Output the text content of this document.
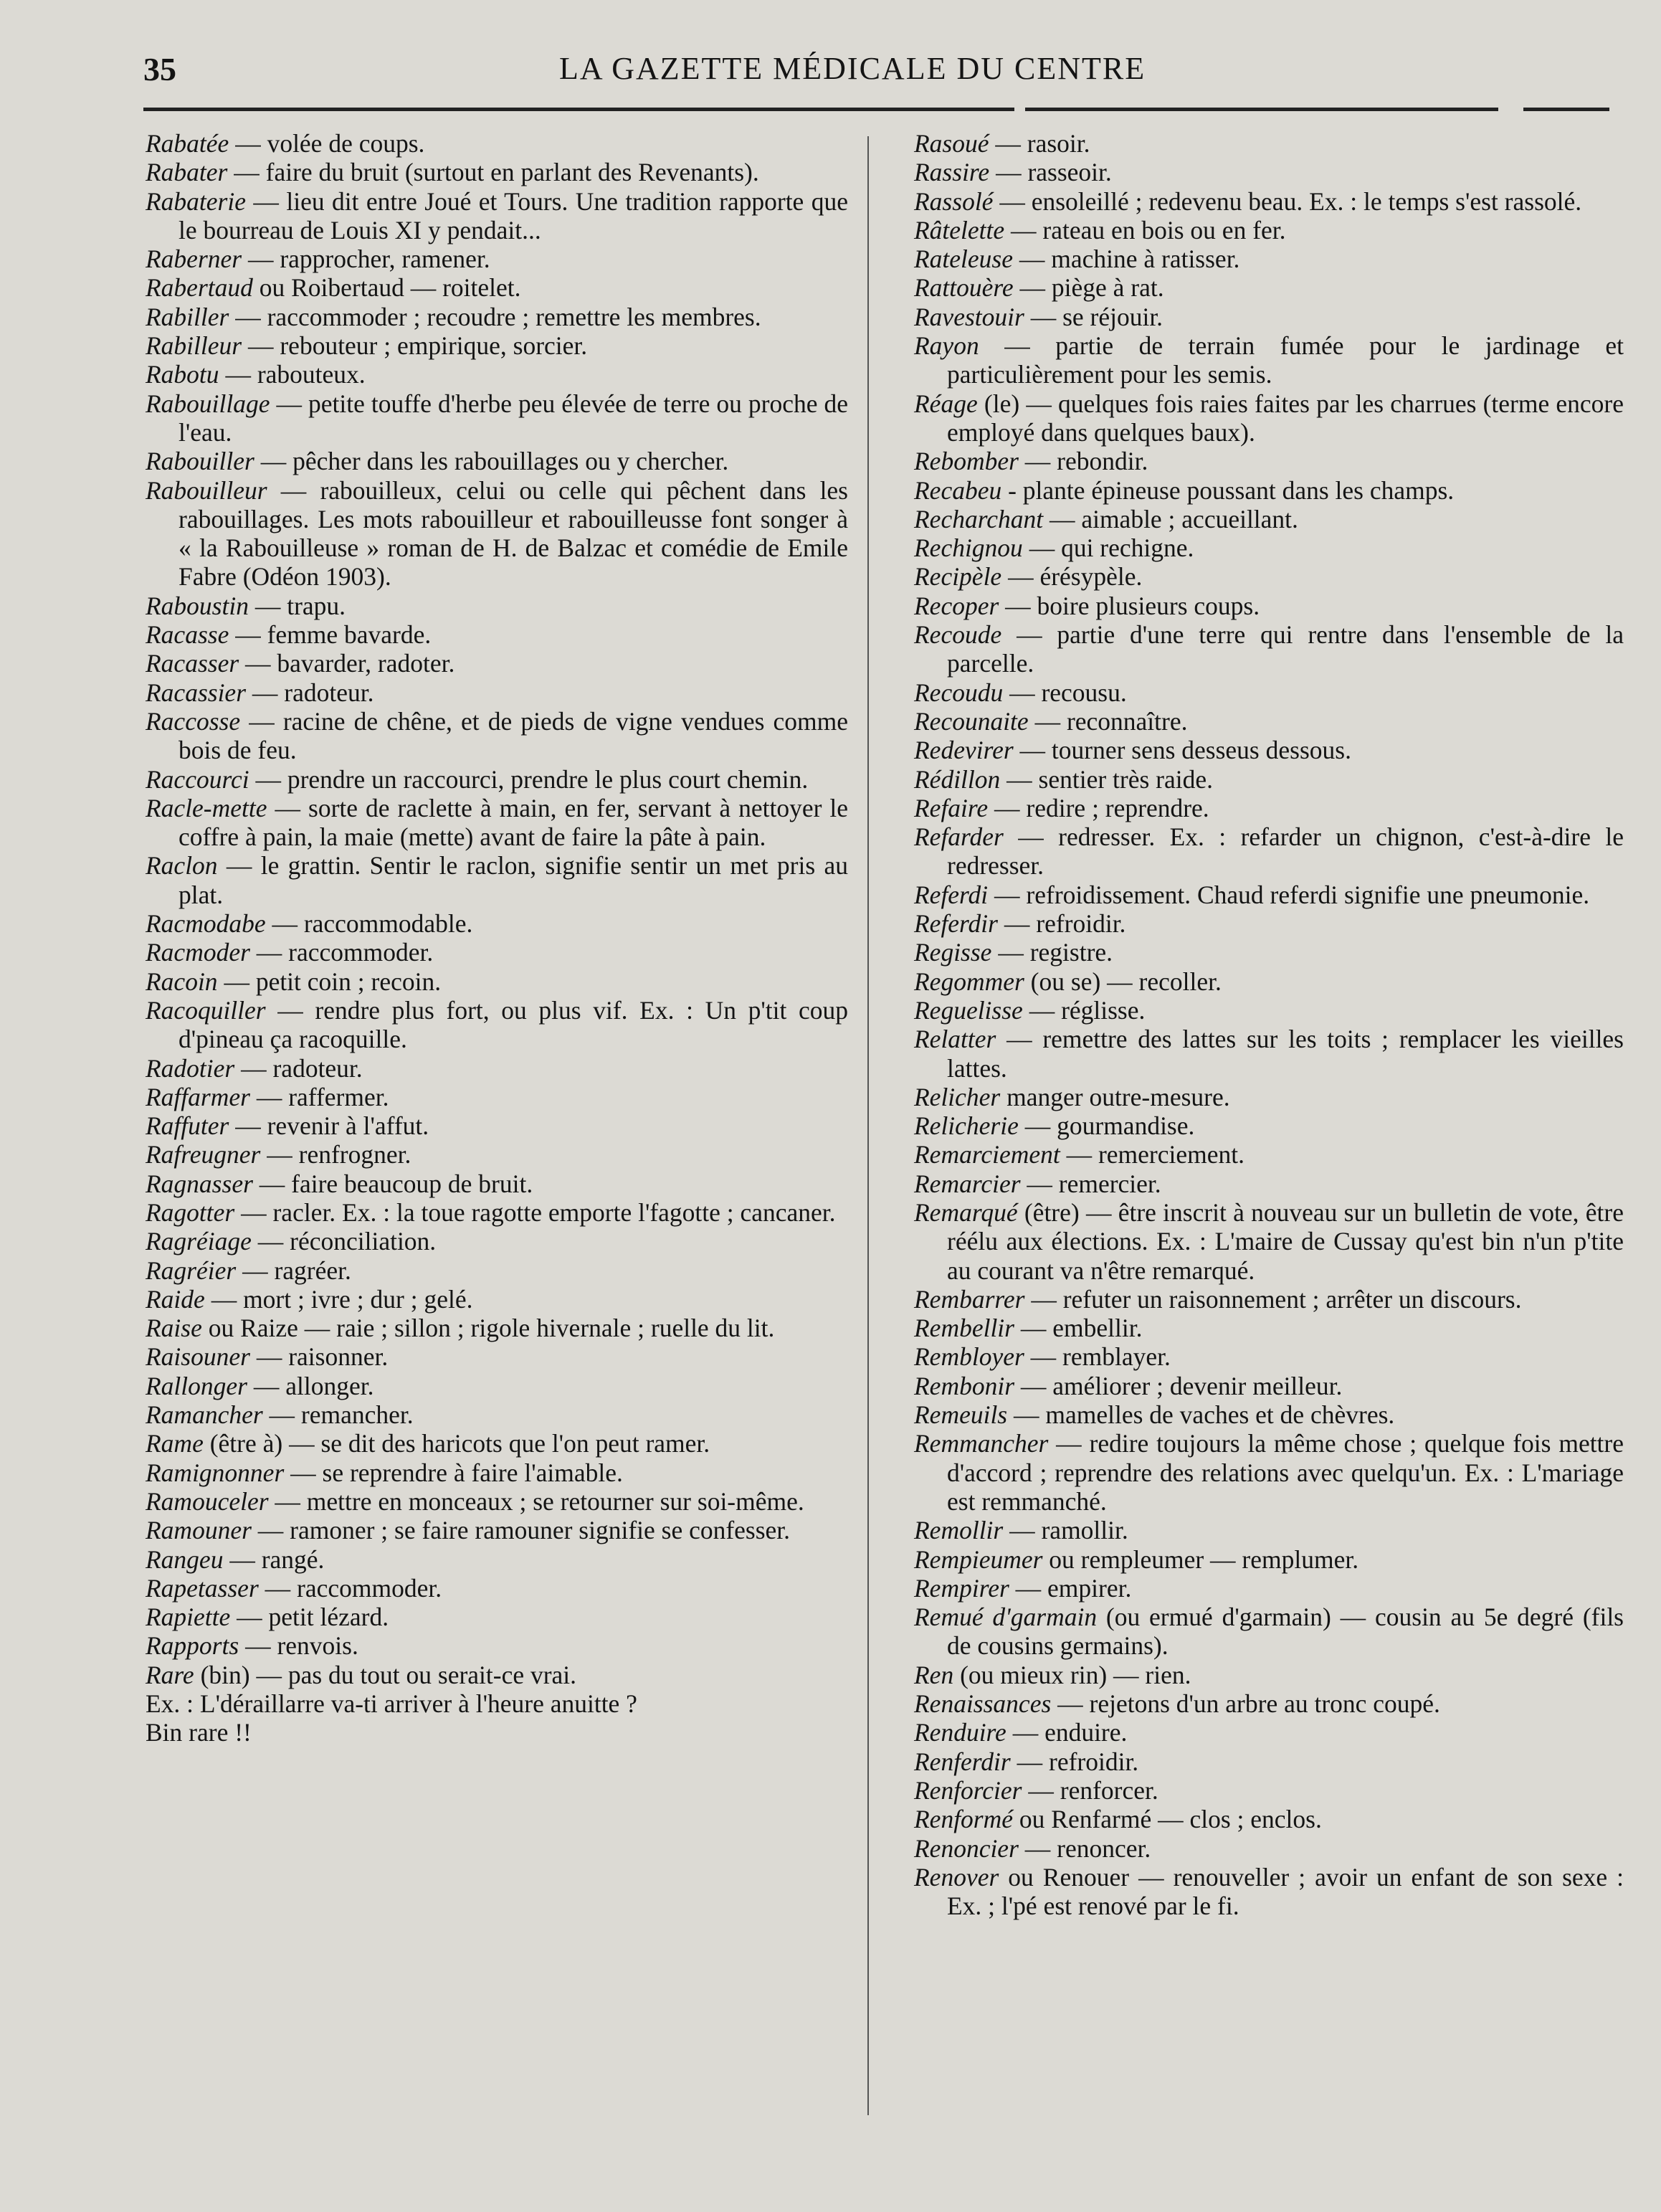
35	LA GAZETTE MÉDICALE DU CENTRE

Rabatée — volée de coups.

Rabater — faire du bruit (surtout en parlant des Revenants).

Rabaterie — lieu dit entre Joué et Tours. Une tradition rapporte que le bourreau de Louis XI y pendait...

Raberner — rapprocher, ramener.

Rabertaud ou Roibertaud — roitelet.

Rabiller — raccommoder ; recoudre ; remettre les membres.

Rabilleur — rebouteur ; empirique, sorcier.

Rabotu — rabouteux.

Rabouillage — petite touffe d'herbe peu élevée de terre ou proche de l'eau.

Rabouiller — pêcher dans les rabouillages ou y chercher.

Rabouilleur — rabouilleux, celui ou celle qui pêchent dans les rabouillages. Les mots rabouilleur et rabouilleusse font songer à « la Rabouilleuse » roman de H. de Balzac et comédie de Emile Fabre (Odéon 1903).

Raboustin — trapu.

Racasse — femme bavarde.

Racasser — bavarder, radoter.

Racassier — radoteur.

Raccosse — racine de chêne, et de pieds de vigne vendues comme bois de feu.

Raccourci — prendre un raccourci, prendre le plus court chemin.

Racle-mette — sorte de raclette à main, en fer, servant à nettoyer le coffre à pain, la maie (mette) avant de faire la pâte à pain.

Raclon — le grattin. Sentir le raclon, signifie sentir un met pris au plat.

Racmodabe — raccommodable.

Racmoder — raccommoder.

Racoin — petit coin ; recoin.

Racoquiller — rendre plus fort, ou plus vif. Ex. : Un p'tit coup d'pineau ça racoquille.

Radotier — radoteur.

Raffarmer — raffermer.

Raffuter — revenir à l'affut.

Rafreugner — renfrogner.

Ragnasser — faire beaucoup de bruit.

Ragotter — racler. Ex. : la toue ragotte emporte l'fagotte ; cancaner.

Ragréiage — réconciliation.

Ragréier — ragréer.

Raide — mort ; ivre ; dur ; gelé.

Raise ou Raize — raie ; sillon ; rigole hivernale ; ruelle du lit.

Raisouner — raisonner.

Rallonger — allonger.

Ramancher — remancher.

Rame (être à) — se dit des haricots que l'on peut ramer.

Ramignonner — se reprendre à faire l'aimable.

Ramouceler — mettre en monceaux ; se retourner sur soi-même.

Ramouner — ramoner ; se faire ramouner signifie se confesser.

Rangeu — rangé.

Rapetasser — raccommoder.

Rapiette — petit lézard.

Rapports — renvois.

Rare (bin) — pas du tout ou serait-ce vrai.
Ex. : L'déraillarre va-ti arriver à l'heure anuitte ?
Bin rare !!

Rasoué — rasoir.

Rassire — rasseoir.

Rassolé — ensoleillé ; redevenu beau. Ex. : le temps s'est rassolé.

Râtelette — rateau en bois ou en fer.

Rateleuse — machine à ratisser.

Rattouère — piège à rat.

Ravestouir — se réjouir.

Rayon — partie de terrain fumée pour le jardinage et particulièrement pour les semis.

Réage (le) — quelques fois raies faites par les charrues (terme encore employé dans quelques baux).

Rebomber — rebondir.

Recabeu - plante épineuse poussant dans les champs.

Recharchant — aimable ; accueillant.

Rechignou — qui rechigne.

Recipèle — érésypèle.

Recoper — boire plusieurs coups.

Recoude — partie d'une terre qui rentre dans l'ensemble de la parcelle.

Recoudu — recousu.

Recounaite — reconnaître.

Redevirer — tourner sens desseus dessous.

Rédillon — sentier très raide.

Refaire — redire ; reprendre.

Refarder — redresser. Ex. : refarder un chignon, c'est-à-dire le redresser.

Referdi — refroidissement. Chaud referdi signifie une pneumonie.

Referdir — refroidir.

Regisse — registre.

Regommer (ou se) — recoller.

Reguelisse — réglisse.

Relatter — remettre des lattes sur les toits ; remplacer les vieilles lattes.

Relicher manger outre-mesure.

Relicherie — gourmandise.

Remarciement — remerciement.

Remarcier — remercier.

Remarqué (être) — être inscrit à nouveau sur un bulletin de vote, être réélu aux élections. Ex. : L'maire de Cussay qu'est bin n'un p'tite au courant va n'être remarqué.

Rembarrer — refuter un raisonnement ; arrêter un discours.

Rembellir — embellir.

Rembloyer — remblayer.

Rembonir — améliorer ; devenir meilleur.

Remeuils — mamelles de vaches et de chèvres.

Remmancher — redire toujours la même chose ; quelque fois mettre d'accord ; reprendre des relations avec quelqu'un. Ex. : L'mariage est remmanché.

Remollir — ramollir.

Rempieumer ou rempleumer — remplumer.

Rempirer — empirer.

Remué d'garmain (ou ermué d'garmain) — cousin au 5e degré (fils de cousins germains).

Ren (ou mieux rin) — rien.

Renaissances — rejetons d'un arbre au tronc coupé.

Renduire — enduire.

Renferdir — refroidir.

Renforcier — renforcer.

Renformé ou Renfarmé — clos ; enclos.

Renoncier — renoncer.

Renover ou Renouer — renouveller ; avoir un enfant de son sexe : Ex. ; l'pé est renové par le fi.
